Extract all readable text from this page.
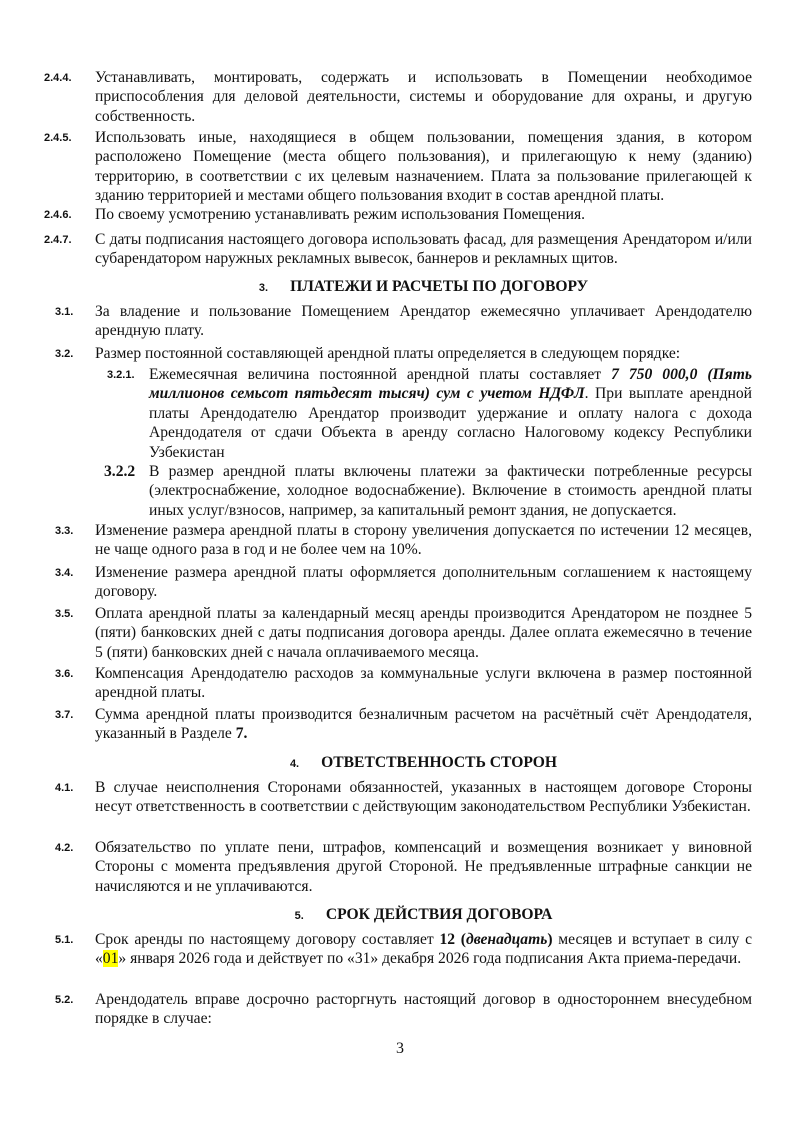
2.4.4. Устанавливать, монтировать, содержать и использовать в Помещении необходимое приспособления для деловой деятельности, системы и оборудование для охраны, и другую собственность.
2.4.5. Использовать иные, находящиеся в общем пользовании, помещения здания, в котором расположено Помещение (места общего пользования), и прилегающую к нему (зданию) территорию, в соответствии с их целевым назначением. Плата за пользование прилегающей к зданию территорией и местами общего пользования входит в состав арендной платы.
2.4.6. По своему усмотрению устанавливать режим использования Помещения.
2.4.7. С даты подписания настоящего договора использовать фасад, для размещения Арендатором и/или субарендатором наружных рекламных вывесок, баннеров и рекламных щитов.
3. ПЛАТЕЖИ И РАСЧЕТЫ ПО ДОГОВОРУ
3.1. За владение и пользование Помещением Арендатор ежемесячно уплачивает Арендодателю арендную плату.
3.2. Размер постоянной составляющей арендной платы определяется в следующем порядке:
3.2.1. Ежемесячная величина постоянной арендной платы составляет 7 750 000,0 (Пять миллионов семьсот пятьдесят тысяч) сум с учетом НДФЛ. При выплате арендной платы Арендодателю Арендатор производит удержание и оплату налога с дохода Арендодателя от сдачи Объекта в аренду согласно Налоговому кодексу Республики Узбекистан
3.2.2 В размер арендной платы включены платежи за фактически потребленные ресурсы (электроснабжение, холодное водоснабжение). Включение в стоимость арендной платы иных услуг/взносов, например, за капитальный ремонт здания, не допускается.
3.3. Изменение размера арендной платы в сторону увеличения допускается по истечении 12 месяцев, не чаще одного раза в год и не более чем на 10%.
3.4. Изменение размера арендной платы оформляется дополнительным соглашением к настоящему договору.
3.5. Оплата арендной платы за календарный месяц аренды производится Арендатором не позднее 5 (пяти) банковских дней с даты подписания договора аренды. Далее оплата ежемесячно в течение 5 (пяти) банковских дней с начала оплачиваемого месяца.
3.6. Компенсация Арендодателю расходов за коммунальные услуги включена в размер постоянной арендной платы.
3.7. Сумма арендной платы производится безналичным расчетом на расчётный счёт Арендодателя, указанный в Разделе 7.
4. ОТВЕТСТВЕННОСТЬ СТОРОН
4.1. В случае неисполнения Сторонами обязанностей, указанных в настоящем договоре Стороны несут ответственность в соответствии с действующим законодательством Республики Узбекистан.
4.2. Обязательство по уплате пени, штрафов, компенсаций и возмещения возникает у виновной Стороны с момента предъявления другой Стороной. Не предъявленные штрафные санкции не начисляются и не уплачиваются.
5. СРОК ДЕЙСТВИЯ ДОГОВОРА
5.1. Срок аренды по настоящему договору составляет 12 (двенадцать) месяцев и вступает в силу с «01» января 2026 года и действует по «31» декабря 2026 года подписания Акта приема-передачи.
5.2. Арендодатель вправе досрочно расторгнуть настоящий договор в одностороннем внесудебном порядке в случае:
3
